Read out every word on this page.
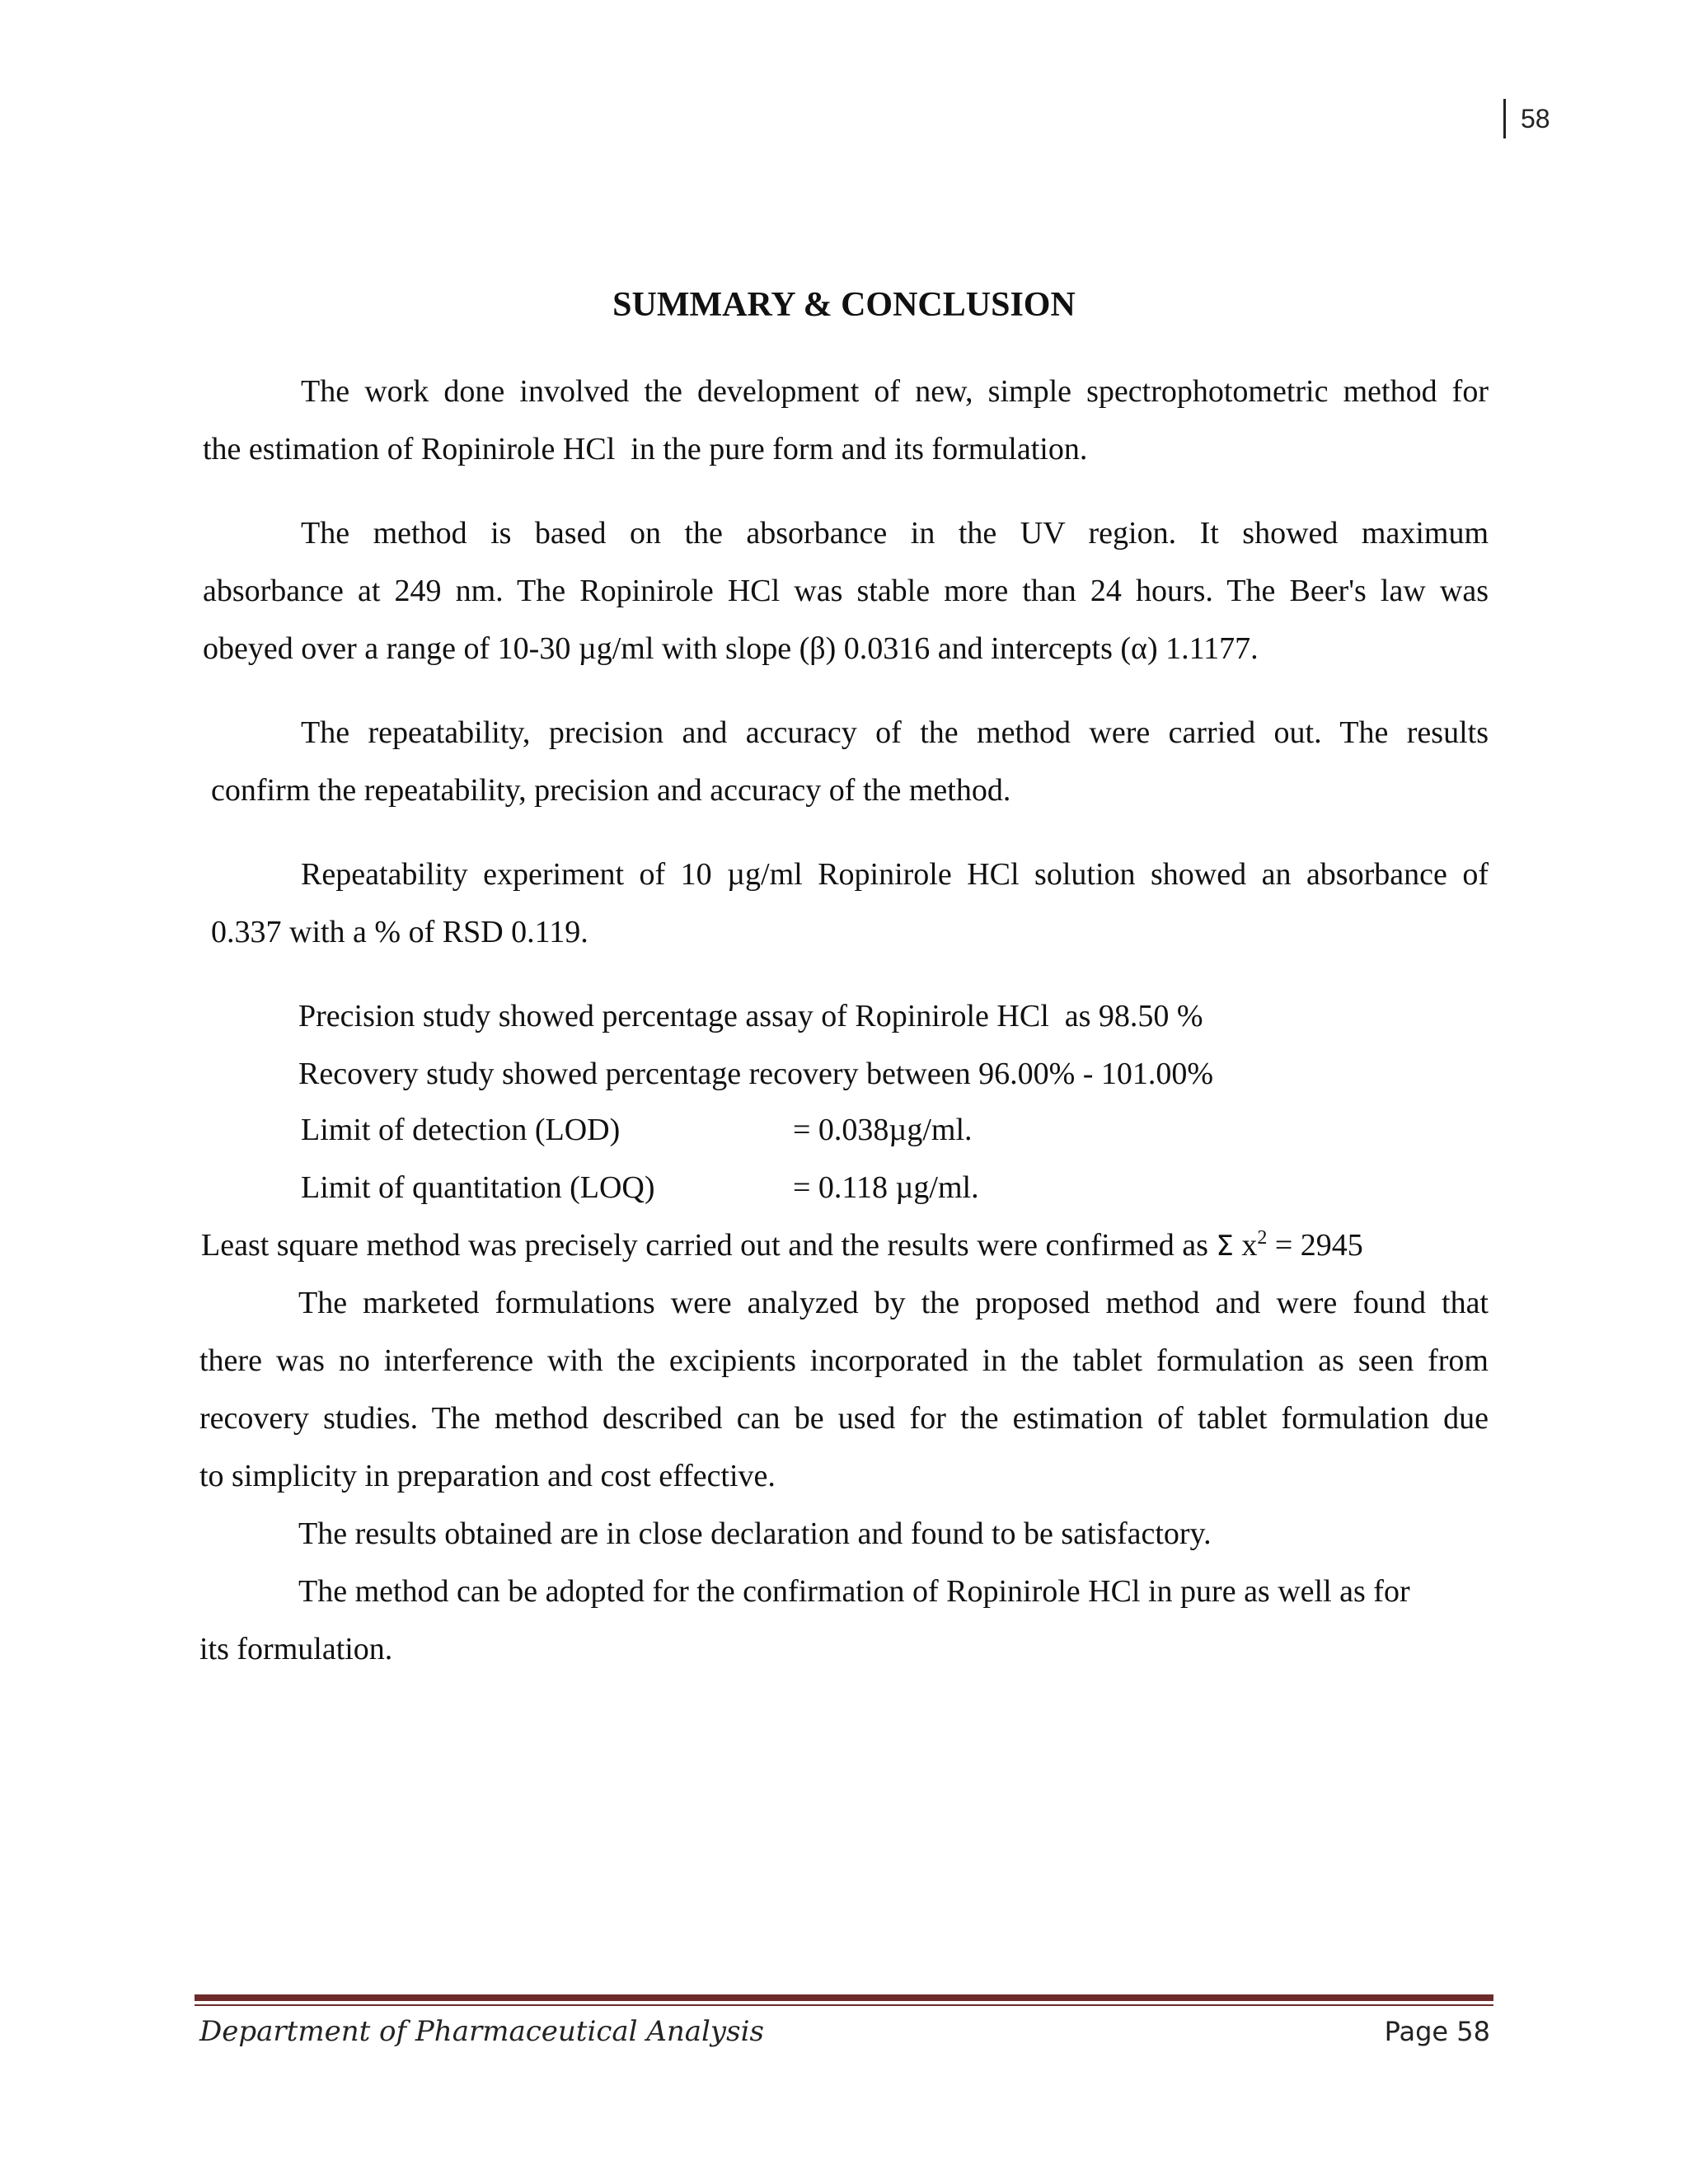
58
SUMMARY & CONCLUSION
The work done involved the development of new, simple spectrophotometric method for
the estimation of Ropinirole HCl  in the pure form and its formulation.
The method is based on the absorbance in the UV region. It showed maximum
absorbance at 249 nm. The Ropinirole HCl was stable more than 24 hours. The Beer's law was
obeyed over a range of 10-30 µg/ml with slope (β) 0.0316 and intercepts (α) 1.1177.
The repeatability, precision and accuracy of the method were carried out. The results
confirm the repeatability, precision and accuracy of the method.
Repeatability experiment of 10 µg/ml Ropinirole HCl solution showed an absorbance of
0.337 with a % of RSD 0.119.
Precision study showed percentage assay of Ropinirole HCl  as 98.50 %
Recovery study showed percentage recovery between 96.00% - 101.00%
Limit of detection (LOD)	= 0.038µg/ml.
Limit of quantitation (LOQ)	= 0.118 µg/ml.
Least square method was precisely carried out and the results were confirmed as Σ $x^2 = 2945$
The marketed formulations were analyzed by the proposed method and were found that
there was no interference with the excipients incorporated in the tablet formulation as seen from
recovery studies. The method described can be used for the estimation of tablet formulation due
to simplicity in preparation and cost effective.
The results obtained are in close declaration and found to be satisfactory.
The method can be adopted for the confirmation of Ropinirole HCl in pure as well as for
its formulation.
Department of Pharmaceutical Analysis	Page 58
